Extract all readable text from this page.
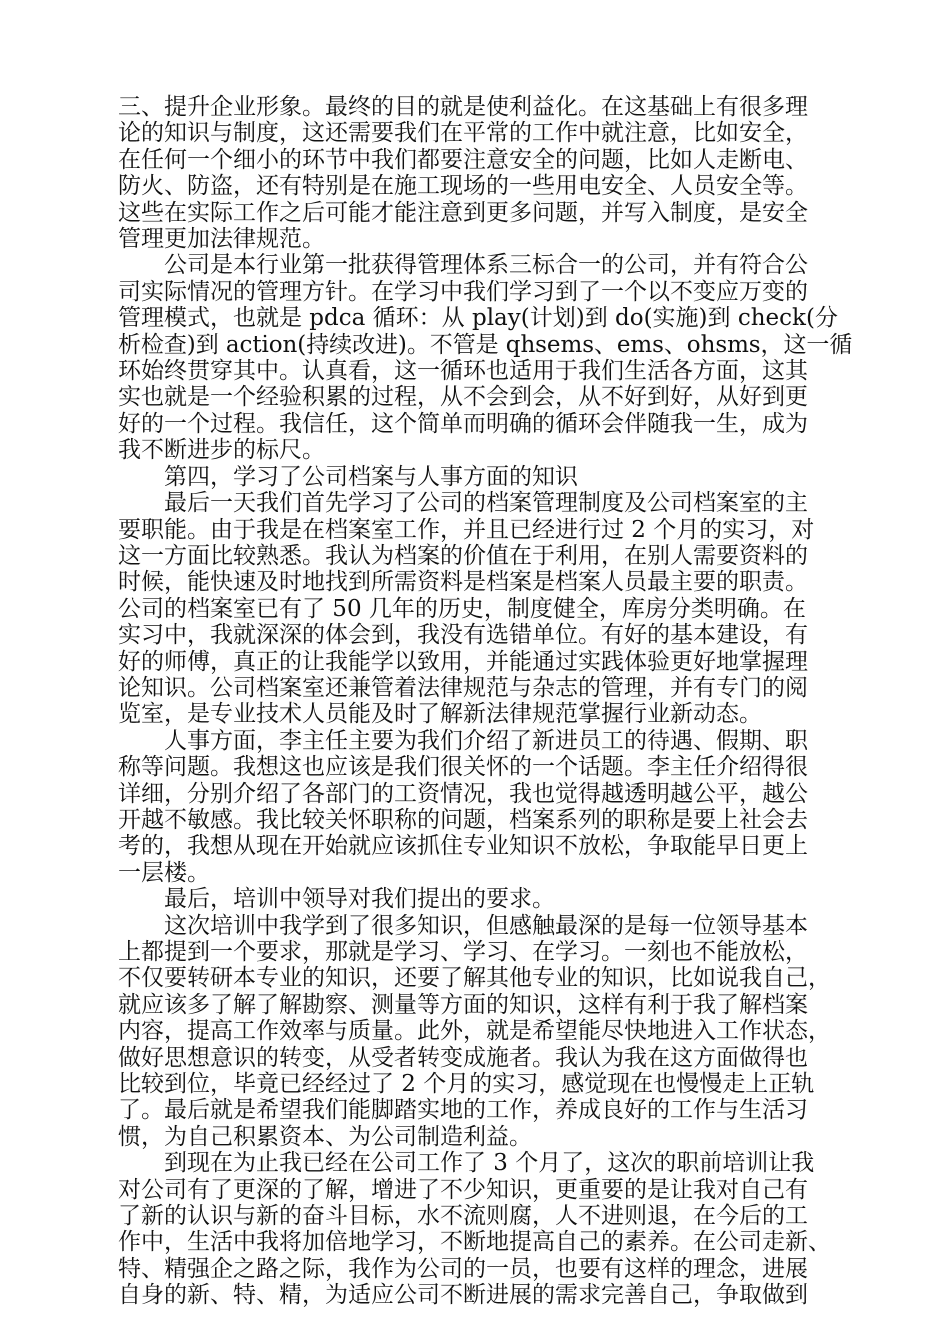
三、提升企业形象。最终的目的就是使利益化。在这基础上有很多理
论的知识与制度，这还需要我们在平常的工作中就注意，比如安全，
在任何一个细小的环节中我们都要注意安全的问题，比如人走断电、
防火、防盗，还有特别是在施工现场的一些用电安全、人员安全等。
这些在实际工作之后可能才能注意到更多问题，并写入制度，是安全
管理更加法律规范。

公司是本行业第一批获得管理体系三标合一的公司，并有符合公
司实际情况的管理方针。在学习中我们学习到了一个以不变应万变的
管理模式，也就是 pdca 循环：从 play(计划)到 do(实施)到 check(分
析检查)到 action(持续改进)。不管是 qhsems、ems、ohsms，这一循
环始终贯穿其中。认真看，这一循环也适用于我们生活各方面，这其
实也就是一个经验积累的过程，从不会到会，从不好到好，从好到更
好的一个过程。我信任，这个简单而明确的循环会伴随我一生，成为
我不断进步的标尺。

第四，学习了公司档案与人事方面的知识

最后一天我们首先学习了公司的档案管理制度及公司档案室的主
要职能。由于我是在档案室工作，并且已经进行过 2 个月的实习，对
这一方面比较熟悉。我认为档案的价值在于利用，在别人需要资料的
时候，能快速及时地找到所需资料是档案是档案人员最主要的职责。
公司的档案室已有了 50 几年的历史，制度健全，库房分类明确。在
实习中，我就深深的体会到，我没有选错单位。有好的基本建设，有
好的师傅，真正的让我能学以致用，并能通过实践体验更好地掌握理
论知识。公司档案室还兼管着法律规范与杂志的管理，并有专门的阅
览室，是专业技术人员能及时了解新法律规范掌握行业新动态。

人事方面，李主任主要为我们介绍了新进员工的待遇、假期、职
称等问题。我想这也应该是我们很关怀的一个话题。李主任介绍得很
详细，分别介绍了各部门的工资情况，我也觉得越透明越公平，越公
开越不敏感。我比较关怀职称的问题，档案系列的职称是要上社会去
考的，我想从现在开始就应该抓住专业知识不放松，争取能早日更上
一层楼。

最后，培训中领导对我们提出的要求。

这次培训中我学到了很多知识，但感触最深的是每一位领导基本
上都提到一个要求，那就是学习、学习、在学习。一刻也不能放松，
不仅要转研本专业的知识，还要了解其他专业的知识，比如说我自己，
就应该多了解了解勘察、测量等方面的知识，这样有利于我了解档案
内容，提高工作效率与质量。此外，就是希望能尽快地进入工作状态，
做好思想意识的转变，从受者转变成施者。我认为我在这方面做得也
比较到位，毕竟已经经过了 2 个月的实习，感觉现在也慢慢走上正轨
了。最后就是希望我们能脚踏实地的工作，养成良好的工作与生活习
惯，为自己积累资本、为公司制造利益。

到现在为止我已经在公司工作了 3 个月了，这次的职前培训让我
对公司有了更深的了解，增进了不少知识，更重要的是让我对自己有
了新的认识与新的奋斗目标，水不流则腐，人不进则退，在今后的工
作中，生活中我将加倍地学习，不断地提高自己的素养。在公司走新、
特、精强企之路之际，我作为公司的一员，也要有这样的理念，进展
自身的新、特、精，为适应公司不断进展的需求完善自己，争取做到
